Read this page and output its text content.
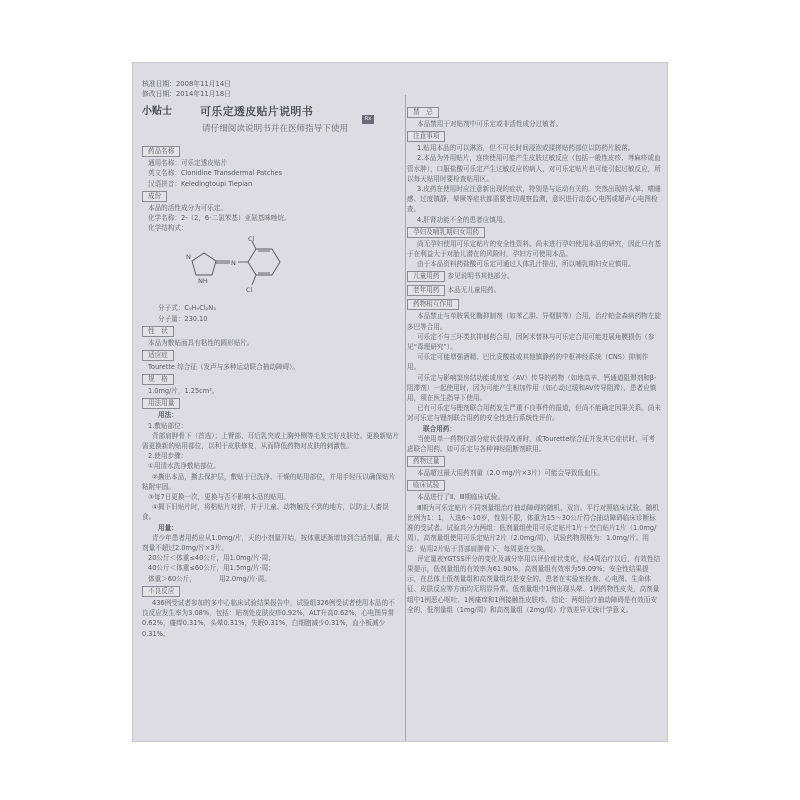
Rx
核准日期：2008年11月14日
修改日期：2014年11月18日
小贴士	可乐定透皮贴片说明书
请仔细阅读说明书并在医师指导下使用
药品名称
通用名称：可乐定透皮贴片
英文名称：Clonidine Transdermal Patches
汉语拼音：Keledingtoupi Tiepian
成份
本品的活性成分为可乐定。
化学名称：2-（2，6-二氯苯基）亚氨基咪唑烷。
化学结构式：
Cl
Cl
N
N
NH
分子式：C₉H₉Cl₂N₃
分子量：230.10
性　状
本品为敷贴面具有粘性的圆形贴片。
适应症
Tourette 综合征（发声与多种运动联合抽动障碍）。
规　格
1.0mg/片，1.25cm²。
用法用量
用法：
1.敷贴部位：
背部肩胛骨下（首选）；上臂部、耳后乳突或上胸外侧等毛发完好皮肤处。更换新贴片需更换新的贴用部位，以利于皮肤修复，从而降低药物对皮肤的刺激性。
2.使用步骤：
①用清水洗净敷贴部位。
②撕出本品，撕去保护层，敷贴于已洗净、干燥的贴用部位，并用手轻压以确保贴片粘附牢固。
③每7日更换一次，更换与否不影响本品的贴用。
④揭下旧贴片时，将粘贴片对折，并于儿童、动物触及不到的地方，以防止人畜误食。
用量：
青少年患者用药应从1.0mg/片，天的小剂量开始，按体重逐渐增加到合适剂量，最大剂量不超过2.0mg/片×3片。
20公斤＜体重≤40公斤，用1.0mg/片·周；
40公斤＜体重≤60公斤，用1.5mg/片·周；
体重＞60公斤，　　　　用2.0mg/片·周。
不良反应
436例受试者参加的多中心临床试验结果报告中，试验组326例受试者使用本品的不良反应发生率为3.08%，包括：贴剂处皮肤皮疹0.92%，ALT升高0.62%，心电图异常0.62%，瘙痒0.31%，头晕0.31%，失眠0.31%，白细胞减少0.31%，血小板减少0.31%。
禁　忌
本品禁用于对贴剂中可乐定或非活性成分过敏者。
注意事项
1.贴用本品的可以淋浴，但不可长时间浸泡或揉搓贴药部位以防药片脱落。
2.本品为外用贴片，连续使用可能产生皮肤过敏反应（包括一般性皮疹、荨麻疹或血管水肿），口服盐酸可乐定产生过敏反应的病人，对可乐定贴片也可能引起过敏反应，所以每天贴用时要检查贴用区。
3.皮药在使用时应注意新出现的症状，特别是与运动有关的。突然出现的头晕、嗜睡感、过度镇静，晕厥等症状都需要密切观察监测，意识进行动态心电图或超声心电图检查。
4.肝肾功能不全的患者应慎用。
孕妇及哺乳期妇女用药
尚无孕妇使用可乐定贴片的安全性资料。尚未进行孕妇使用本品的研究，因此只有基于在利益大于对胎儿潜在的风险时，孕妇方可使用本品。
由于本品资料药盐酸可乐定可通过人体乳汁排出，所以哺乳期妇女应慎用。
儿童用药 参见说明书其他部分。
老年用药 本品无儿童用药。
药物相互作用
本品禁止与单胺氧化酶抑制剂（如苯乙肼、异烟肼等）合用，治疗帕金森病药物左旋多巴等合用。
可乐定不与三环类抗抑郁药合用，因阿米替林与可乐定合用可能进展角膜损伤（参见“毒理研究”）。
可乐定可能增强酒精、巴比妥酸盐或其他镇静药的中枢神经系统（CNS）抑制作用。
可乐定与影响窦房结功能或房室（AV）传导的药物（如地高辛、钙通道阻滞剂和β-阻滞剂）一起使用时，因为可能产生相加作用（如心动过缓和AV传导阻滞），患者应慎用，须在医生指导下使用。
已有可乐定与锂剂联合用药发生严重不良事件的报道，但尚不能确定因果关系。尚未对可乐定与锂剂联合用药的安全性进行系统性评价。
联合用药：
当使用单一药物仅部分症状获得改善时，或Tourette综合征并发其它症状时，可考虑联合用药。如可乐定与各种神经阻断剂联用。
药物过量
本品超过最大用药剂量（2.0 mg/片×3片）可能会导致低血压。
临床试验
本品进行了Ⅱ、Ⅲ期临床试验。
Ⅲ期为可乐定贴片不同剂量组治疗抽动障碍的随机、双盲、平行对照临床试验。随机比例为1：1，入选6～10岁，性别不限，体重为15～30公斤符合抽动障碍临床诊断标准的受试者。试验共分为两组：低剂量组使用可乐定贴片1片＋空白贴片1片（1.0mg/周），高剂量组使用可乐定贴片2片（2.0mg/周），试验药物规格为：1.0mg/片。用法：贴用2片贴于背部肩胛骨下，每周更在交换。
评定量表YGTSS评分的变化及减分率用以评价症状变化，经4周治疗以后，有效性结果提示，低剂量组的有效率为61.90%，高剂量组有效率为59.09%；安全性结果提示，在总体上低剂量组和高剂量组均是安全的。患者在实验室检查、心电图、生命体征、皮肤反应等方面均无明显异常。低剂量组中1例出现头晕、1例药物性皮炎，高剂量组中1例恶心呕吐、1例瘙痒和1例接触性皮肤疹。结论：两组治疗抽动障碍是有效而安全的，低剂量组（1mg/周）和高剂量组（2mg/周）疗效差异无统计学意义。
